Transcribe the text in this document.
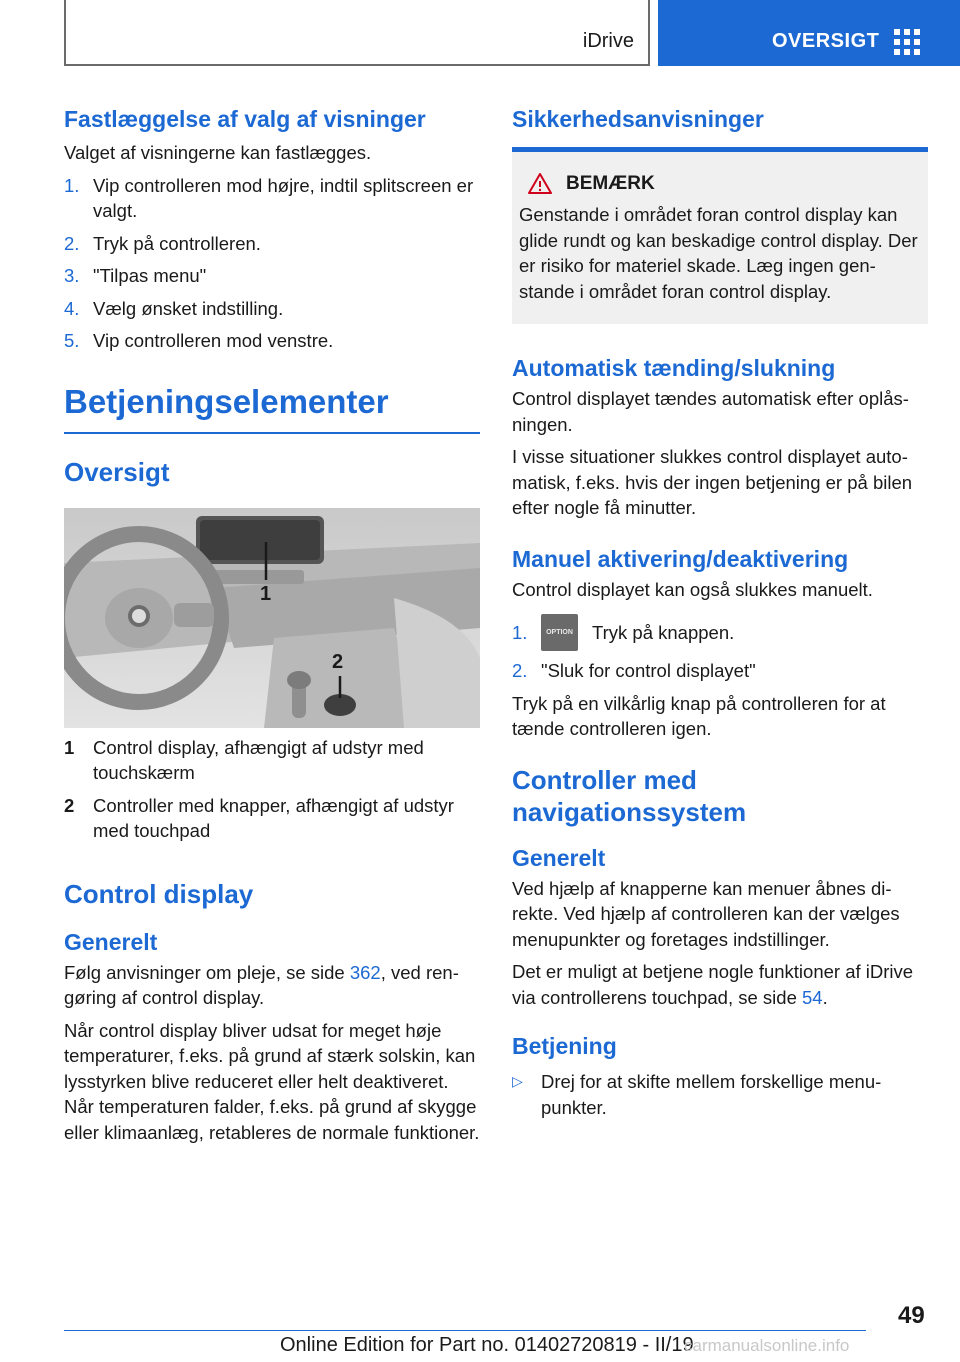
iDrive	OVERSIGT
Fastlæggelse af valg af visninger
Valget af visningerne kan fastlægges.
1. Vip controlleren mod højre, indtil splitscreen er valgt.
2. Tryk på controlleren.
3. "Tilpas menu"
4. Vælg ønsket indstilling.
5. Vip controlleren mod venstre.
Betjeningselementer
Oversigt
1
2
1	Control display, afhængigt af udstyr med touchskærm
2	Controller med knapper, afhængigt af udstyr med touchpad
Control display
Generelt
Følg anvisninger om pleje, se side 362, ved rengøring af control display.
Når control display bliver udsat for meget høje temperaturer, f.eks. på grund af stærk solskin, kan lysstyrken blive reduceret eller helt deaktiveret. Når temperaturen falder, f.eks. på grund af skygge eller klimaanlæg, retableres de normale funktioner.
Sikkerhedsanvisninger
BEMÆRK
Genstande i området foran control display kan glide rundt og kan beskadige control display. Der er risiko for materiel skade. Læg ingen genstande i området foran control display.
Automatisk tænding/slukning
Control displayet tændes automatisk efter oplåsningen.
I visse situationer slukkes control displayet automatisk, f.eks. hvis der ingen betjening er på bilen efter nogle få minutter.
Manuel aktivering/deaktivering
Control displayet kan også slukkes manuelt.
1.	OPTION Tryk på knappen.
2. "Sluk for control displayet"
Tryk på en vilkårlig knap på controlleren for at tænde controlleren igen.
Controller med navigationssystem
Generelt
Ved hjælp af knapperne kan menuer åbnes direkte. Ved hjælp af controlleren kan der vælges menupunkter og foretages indstillinger.
Det er muligt at betjene nogle funktioner af iDrive via controllerens touchpad, se side 54.
Betjening
▷ Drej for at skifte mellem forskellige menupunkter.
49
Online Edition for Part no. 01402720819 - II/19
carmanualsonline.info
